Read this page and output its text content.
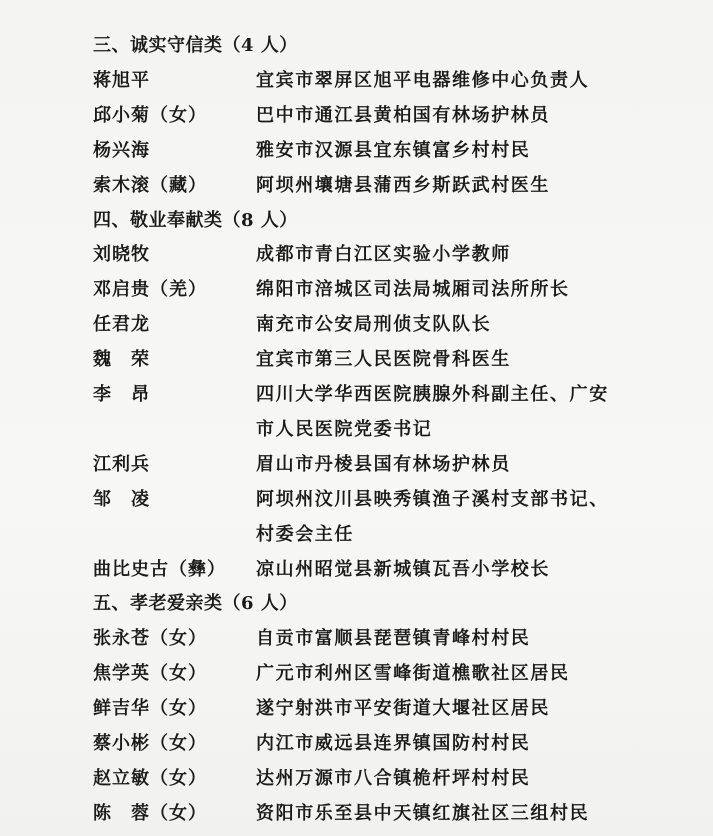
三、诚实守信类（4 人）
蒋旭平	宜宾市翠屏区旭平电器维修中心负责人
邱小菊（女）	巴中市通江县黄柏国有林场护林员
杨兴海	雅安市汉源县宜东镇富乡村村民
索木滚（藏）	阿坝州壤塘县蒲西乡斯跃武村医生
四、敬业奉献类（8 人）
刘晓牧	成都市青白江区实验小学教师
邓启贵（羌）	绵阳市涪城区司法局城厢司法所所长
任君龙	南充市公安局刑侦支队队长
魏　荣	宜宾市第三人民医院骨科医生
李　昂	四川大学华西医院胰腺外科副主任、广安
市人民医院党委书记
江利兵	眉山市丹棱县国有林场护林员
邹　凌	阿坝州汶川县映秀镇渔子溪村支部书记、
村委会主任
曲比史古（彝） 凉山州昭觉县新城镇瓦吾小学校长
五、孝老爱亲类（6 人）
张永苍（女）	自贡市富顺县琵琶镇青峰村村民
焦学英（女）	广元市利州区雪峰街道樵歌社区居民
鲜吉华（女）	遂宁射洪市平安街道大堰社区居民
蔡小彬（女）	内江市威远县连界镇国防村村民
赵立敏（女）	达州万源市八合镇桅杆坪村村民
陈　蓉（女）	资阳市乐至县中天镇红旗社区三组村民
